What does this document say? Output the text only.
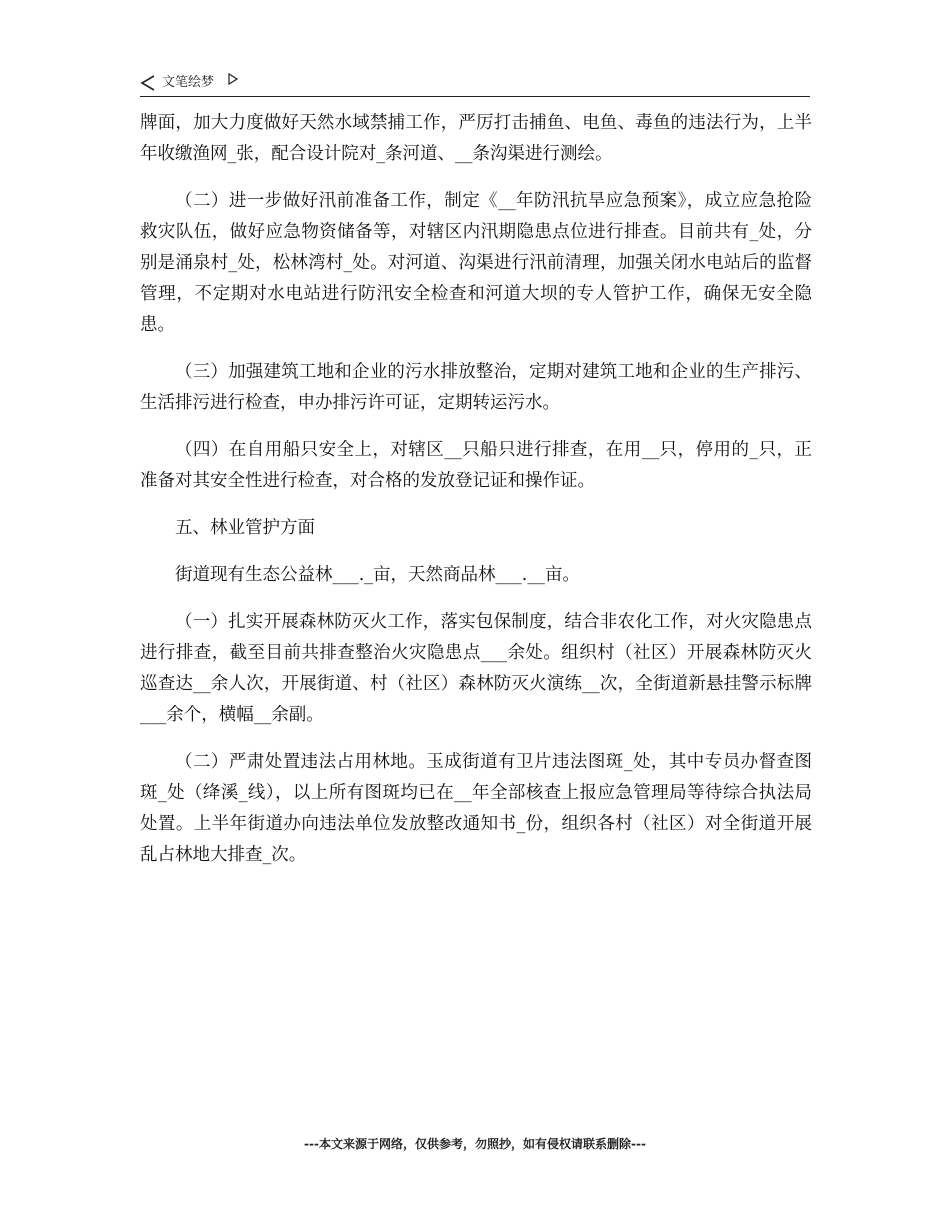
文笔绘梦

牌面，加大力度做好天然水域禁捕工作，严厉打击捕鱼、电鱼、毒鱼的违法行为，上半年收缴渔网_张，配合设计院对_条河道、__条沟渠进行测绘。

（二）进一步做好汛前准备工作，制定《__年防汛抗旱应急预案》，成立应急抢险救灾队伍，做好应急物资储备等，对辖区内汛期隐患点位进行排查。目前共有_处，分别是涌泉村_处，松林湾村_处。对河道、沟渠进行汛前清理，加强关闭水电站后的监督管理，不定期对水电站进行防汛安全检查和河道大坝的专人管护工作，确保无安全隐患。

（三）加强建筑工地和企业的污水排放整治，定期对建筑工地和企业的生产排污、生活排污进行检查，申办排污许可证，定期转运污水。

（四）在自用船只安全上，对辖区__只船只进行排查，在用__只，停用的_只，正准备对其安全性进行检查，对合格的发放登记证和操作证。

五、林业管护方面

街道现有生态公益林___._亩，天然商品林___.__亩。

（一）扎实开展森林防灭火工作，落实包保制度，结合非农化工作，对火灾隐患点进行排查，截至目前共排查整治火灾隐患点___余处。组织村（社区）开展森林防灭火巡查达__余人次，开展街道、村（社区）森林防灭火演练__次，全街道新悬挂警示标牌___余个，横幅__余副。

（二）严肃处置违法占用林地。玉成街道有卫片违法图斑_处，其中专员办督查图斑_处（绛溪_线），以上所有图斑均已在__年全部核查上报应急管理局等待综合执法局处置。上半年街道办向违法单位发放整改通知书_份，组织各村（社区）对全街道开展乱占林地大排查_次。

---本文来源于网络，仅供参考，勿照抄，如有侵权请联系删除---
